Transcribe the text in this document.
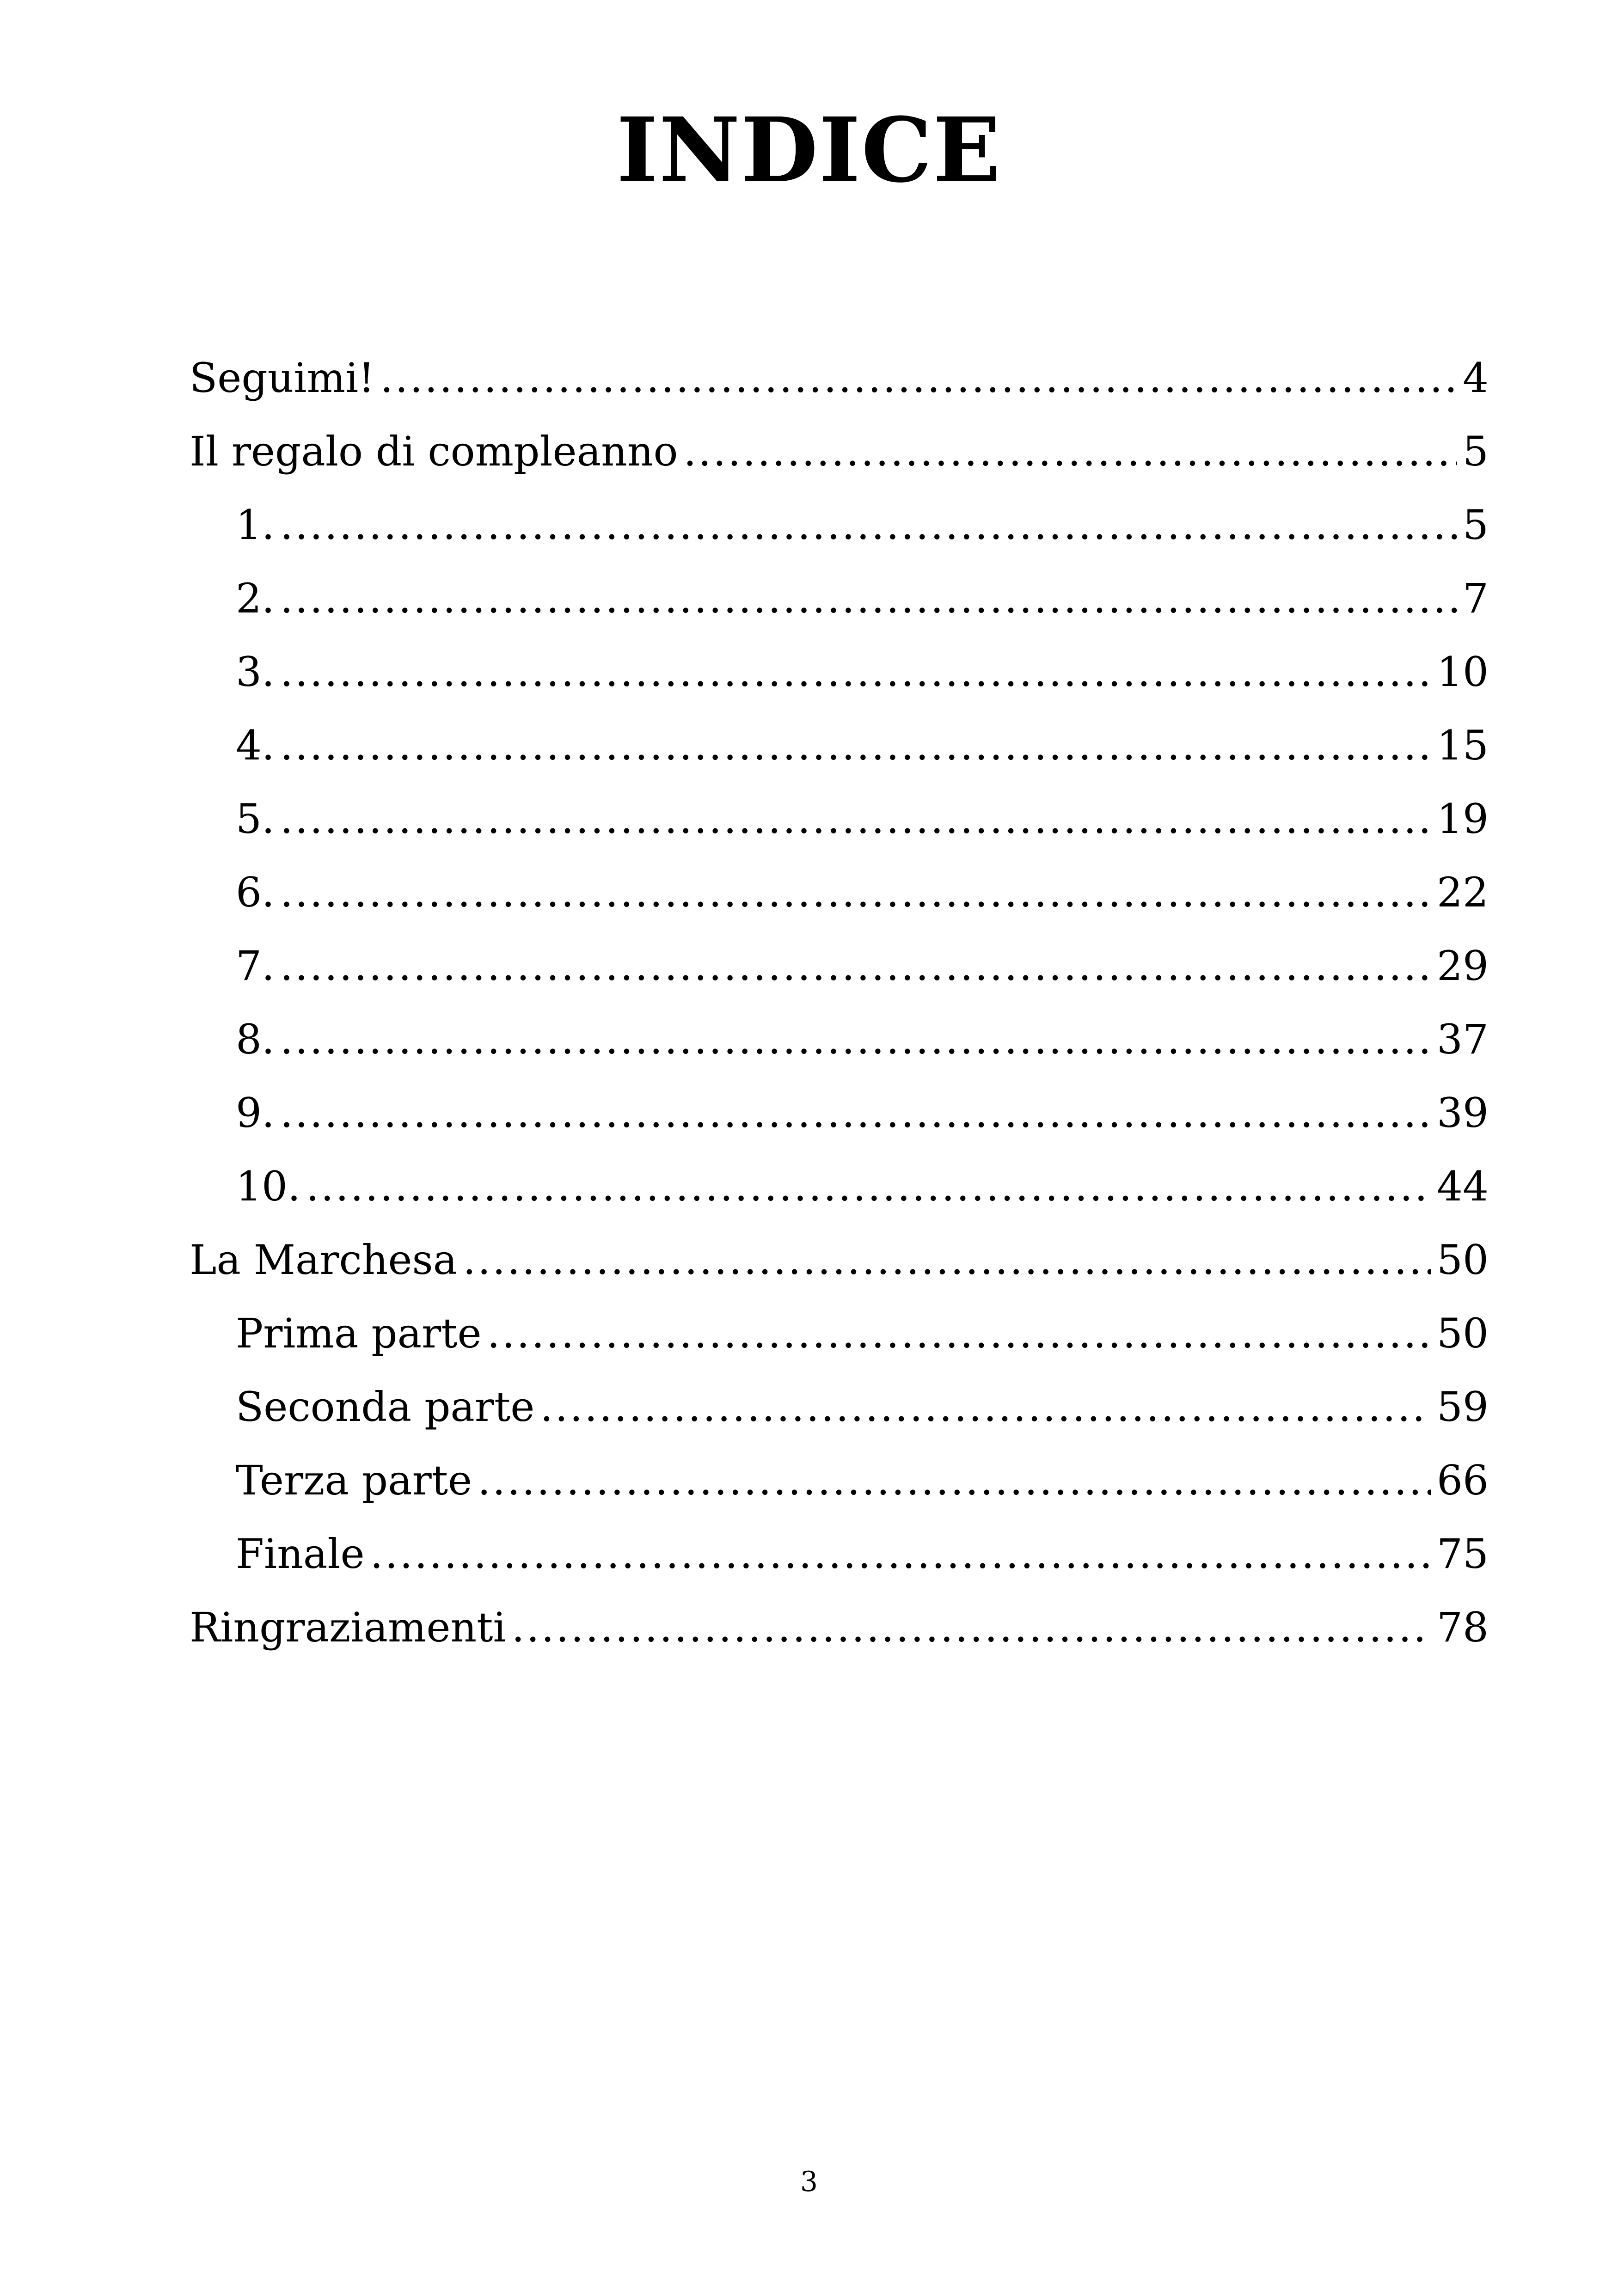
INDICE
Seguimi! .....	4
Il regalo di compleanno .....	5
1. .....	5
2. .....	7
3. .....	10
4. .....	15
5. .....	19
6. .....	22
7. .....	29
8. .....	37
9. .....	39
10. .....	44
La Marchesa .....	50
Prima parte .....	50
Seconda parte .....	59
Terza parte .....	66
Finale .....	75
Ringraziamenti .....	78
3
